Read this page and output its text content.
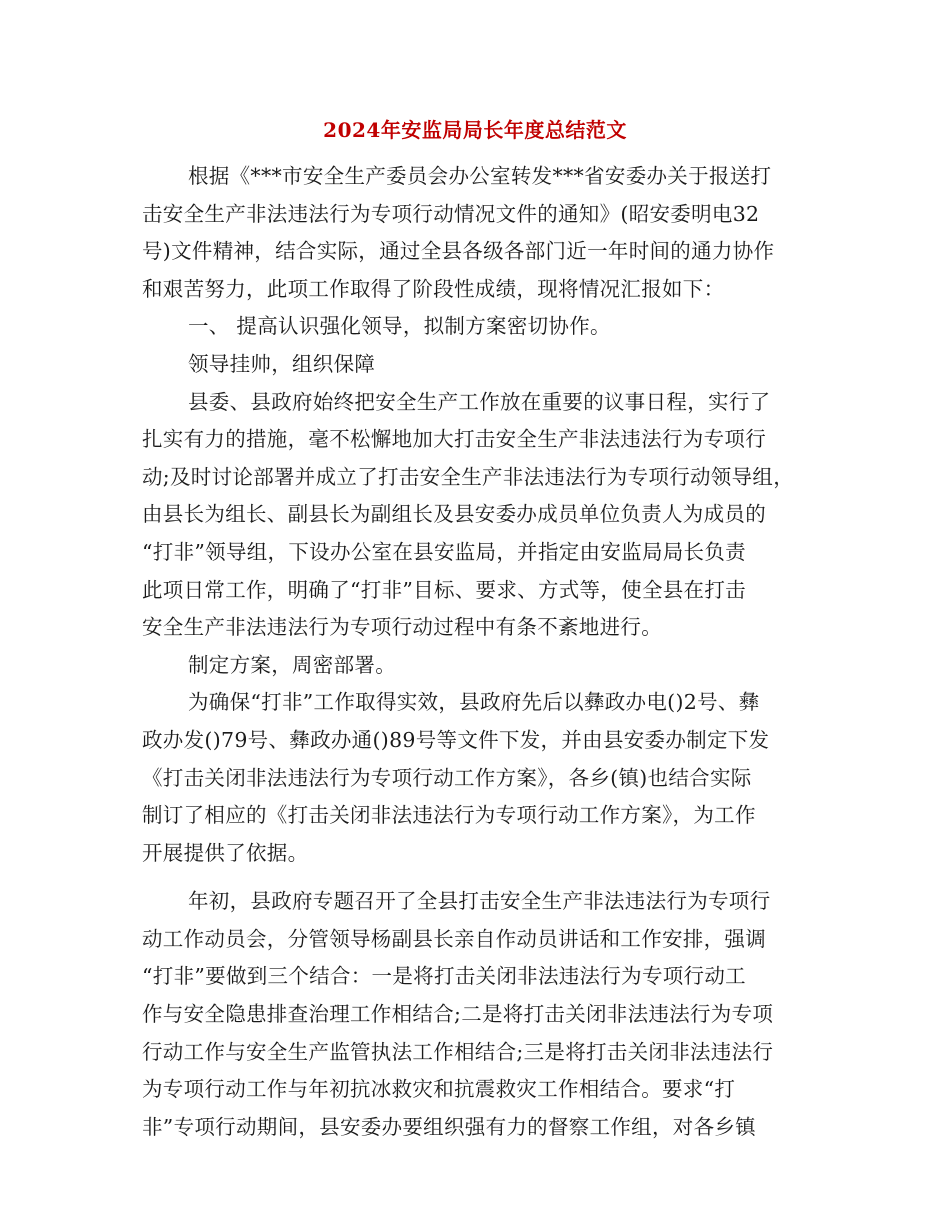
2024年安监局局长年度总结范文
根据《***市安全生产委员会办公室转发***省安委办关于报送打
击安全生产非法违法行为专项行动情况文件的通知》(昭安委明电32
号)文件精神，结合实际，通过全县各级各部门近一年时间的通力协作
和艰苦努力，此项工作取得了阶段性成绩，现将情况汇报如下：
一、 提高认识强化领导，拟制方案密切协作。
领导挂帅，组织保障
县委、县政府始终把安全生产工作放在重要的议事日程，实行了
扎实有力的措施，毫不松懈地加大打击安全生产非法违法行为专项行
动;及时讨论部署并成立了打击安全生产非法违法行为专项行动领导组，
由县长为组长、副县长为副组长及县安委办成员单位负责人为成员的
“打非”领导组，下设办公室在县安监局，并指定由安监局局长负责
此项日常工作，明确了“打非”目标、要求、方式等，使全县在打击
安全生产非法违法行为专项行动过程中有条不紊地进行。
制定方案，周密部署。
为确保“打非”工作取得实效，县政府先后以彝政办电()2号、彝
政办发()79号、彝政办通()89号等文件下发，并由县安委办制定下发
《打击关闭非法违法行为专项行动工作方案》，各乡(镇)也结合实际
制订了相应的《打击关闭非法违法行为专项行动工作方案》，为工作
开展提供了依据。
年初，县政府专题召开了全县打击安全生产非法违法行为专项行
动工作动员会，分管领导杨副县长亲自作动员讲话和工作安排，强调
“打非”要做到三个结合：一是将打击关闭非法违法行为专项行动工
作与安全隐患排查治理工作相结合;二是将打击关闭非法违法行为专项
行动工作与安全生产监管执法工作相结合;三是将打击关闭非法违法行
为专项行动工作与年初抗冰救灾和抗震救灾工作相结合。要求“打
非”专项行动期间，县安委办要组织强有力的督察工作组，对各乡镇
